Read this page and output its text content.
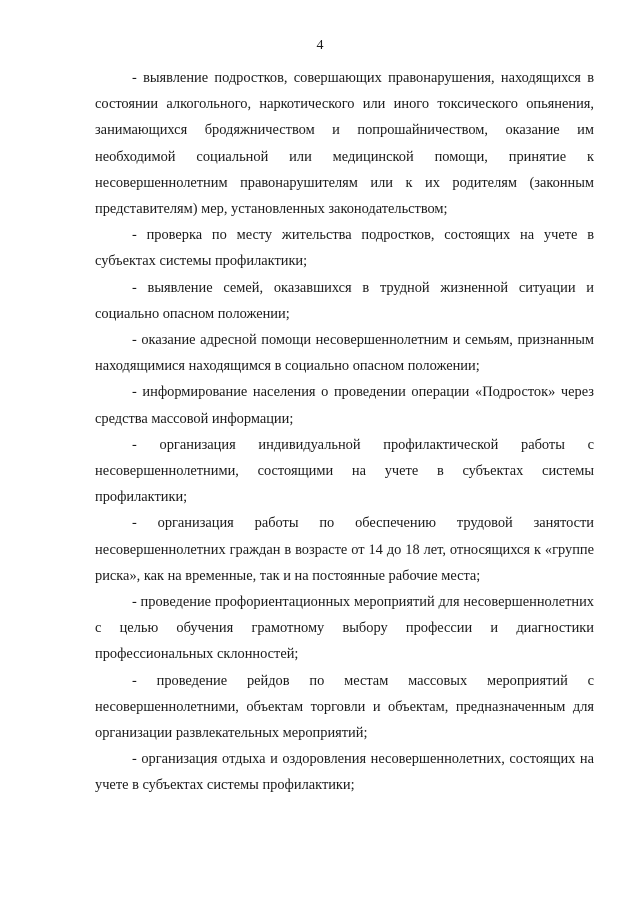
4

- выявление подростков, совершающих правонарушения, находящихся в состоянии алкогольного, наркотического или иного токсического опьянения, занимающихся бродяжничеством и попрошайничеством, оказание им необходимой социальной или медицинской помощи, принятие к несовершеннолетним правонарушителям или к их родителям (законным представителям) мер, установленных законодательством;

- проверка по месту жительства подростков, состоящих на учете в субъектах системы профилактики;

- выявление семей, оказавшихся в трудной жизненной ситуации и социально опасном положении;

- оказание адресной помощи несовершеннолетним и семьям, признанным находящимися находящимся в социально опасном положении;

- информирование населения о проведении операции «Подросток» через средства массовой информации;

- организация индивидуальной профилактической работы с несовершеннолетними, состоящими на учете в субъектах системы профилактики;

- организация работы по обеспечению трудовой занятости несовершеннолетних граждан в возрасте от 14 до 18 лет, относящихся к «группе риска», как на временные, так и на постоянные рабочие места;

- проведение профориентационных мероприятий для несовершеннолетних с целью обучения грамотному выбору профессии и диагностики профессиональных склонностей;

- проведение рейдов по местам массовых мероприятий с несовершеннолетними, объектам торговли и объектам, предназначенным для организации развлекательных мероприятий;

- организация отдыха и оздоровления несовершеннолетних, состоящих на учете в субъектах системы профилактики;
